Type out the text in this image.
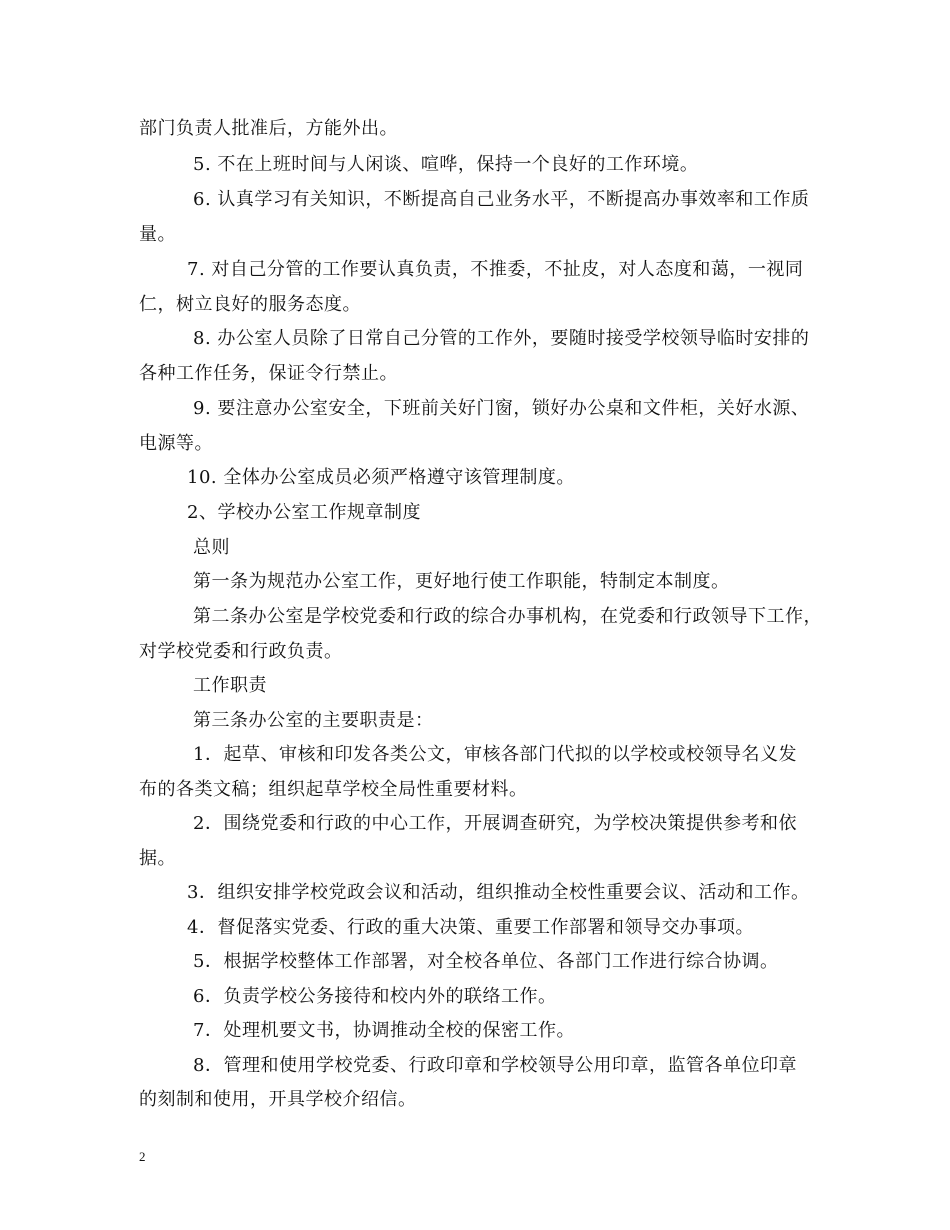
部门负责人批准后，方能外出。
5. 不在上班时间与人闲谈、喧哗，保持一个良好的工作环境。
6. 认真学习有关知识，不断提高自己业务水平，不断提高办事效率和工作质
量。
7. 对自己分管的工作要认真负责，不推委，不扯皮，对人态度和蔼，一视同
仁，树立良好的服务态度。
8. 办公室人员除了日常自己分管的工作外，要随时接受学校领导临时安排的
各种工作任务，保证令行禁止。
9. 要注意办公室安全，下班前关好门窗，锁好办公桌和文件柜，关好水源、
电源等。
10. 全体办公室成员必须严格遵守该管理制度。
2、学校办公室工作规章制度
总则
第一条为规范办公室工作，更好地行使工作职能，特制定本制度。
第二条办公室是学校党委和行政的综合办事机构，在党委和行政领导下工作，
对学校党委和行政负责。
工作职责
第三条办公室的主要职责是：
1．起草、审核和印发各类公文，审核各部门代拟的以学校或校领导名义发
布的各类文稿；组织起草学校全局性重要材料。
2．围绕党委和行政的中心工作，开展调查研究，为学校决策提供参考和依
据。
3．组织安排学校党政会议和活动，组织推动全校性重要会议、活动和工作。
4．督促落实党委、行政的重大决策、重要工作部署和领导交办事项。
5．根据学校整体工作部署，对全校各单位、各部门工作进行综合协调。
6．负责学校公务接待和校内外的联络工作。
7．处理机要文书，协调推动全校的保密工作。
8．管理和使用学校党委、行政印章和学校领导公用印章，监管各单位印章
的刻制和使用，开具学校介绍信。
2
